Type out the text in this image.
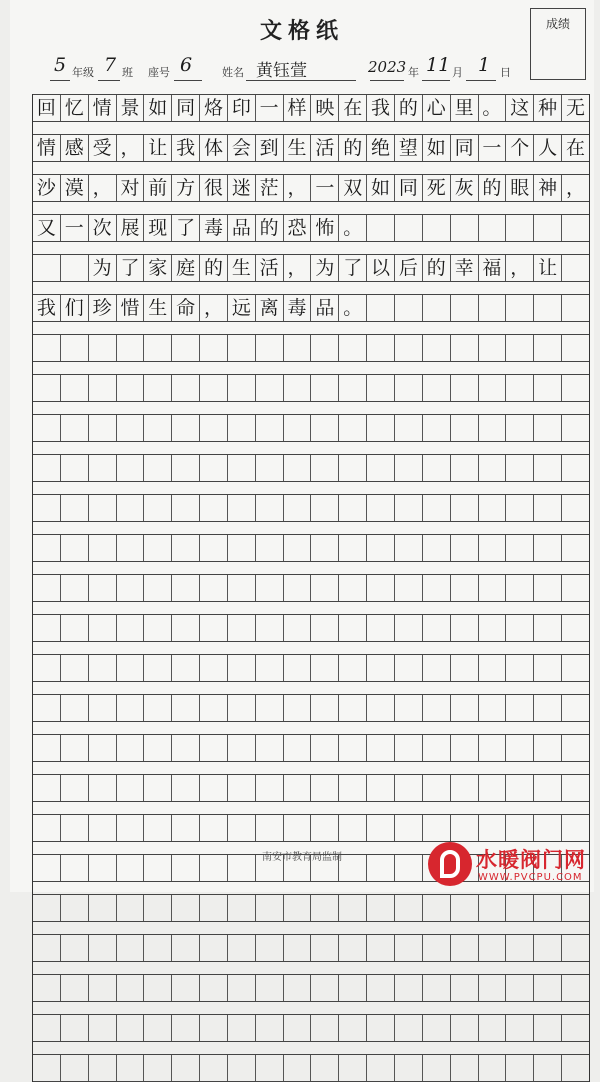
文格纸	成绩
5 年级 7 班 座号 6	姓名 黄钰萱	2023 年 11 月 1 日
回 忆 情 景 如 同 烙 印 一 样 映 在 我 的 心 里 。 这 种 无
情 感 受 ， 让 我 体 会 到 生 活 的 绝 望 如 同 一 个 人 在
沙 漠 ， 对 前 方 很 迷 茫 ， 一 双 如 同 死 灰 的 眼 神 ，
又 一 次 展 现 了 毒 品 的 恐 怖 。

为 了 家 庭 的 生 活 ， 为 了 以 后 的 幸 福 ， 让
我 们 珍 惜 生 命 ， 远 离 毒 品 。
南安市教育局监制	水暖阀门网
WWW.PVCPU.COM
